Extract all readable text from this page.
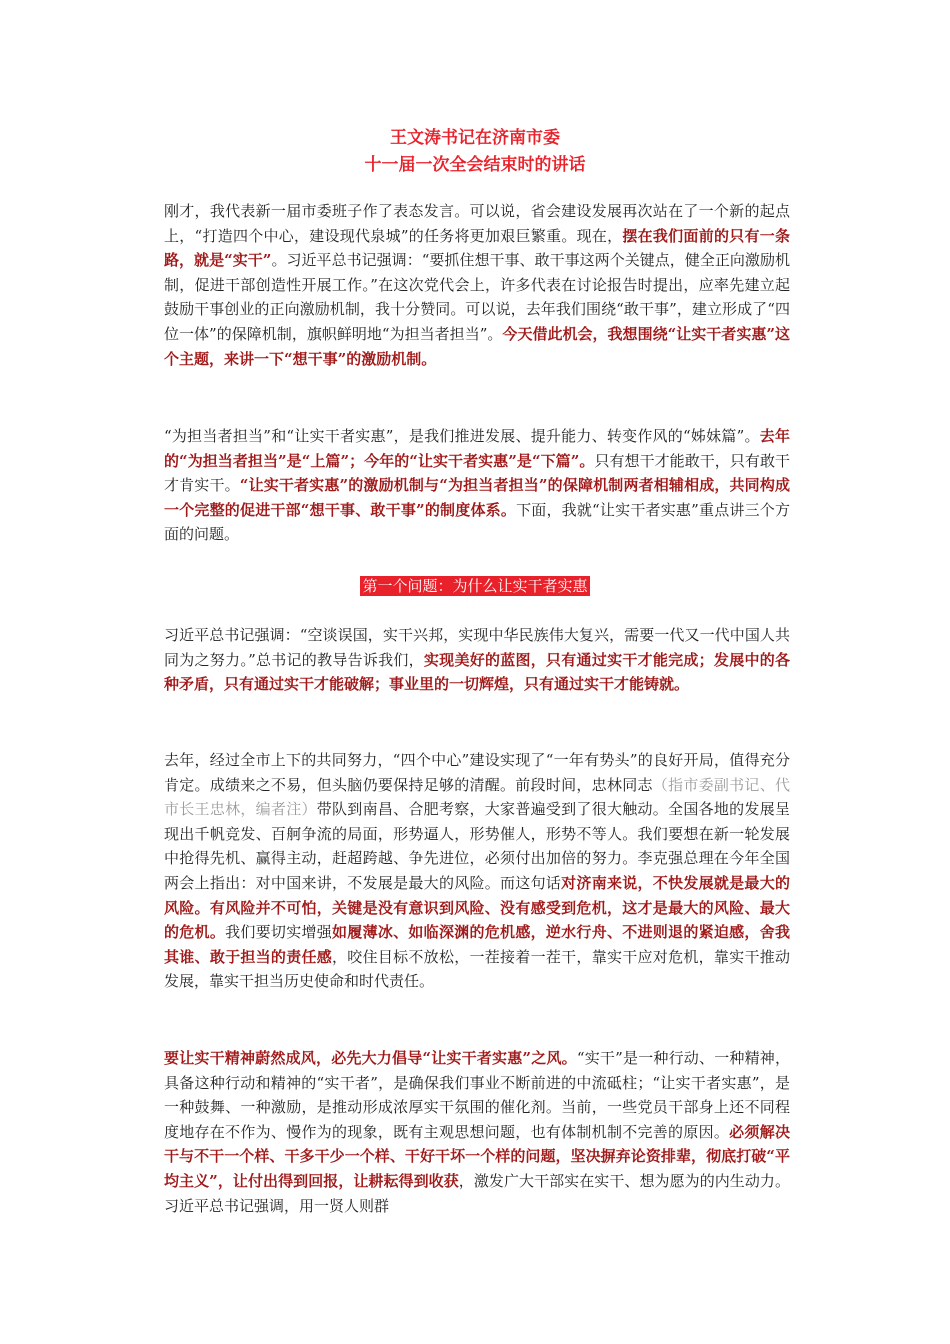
王文涛书记在济南市委
十一届一次全会结束时的讲话
刚才，我代表新一届市委班子作了表态发言。可以说，省会建设发展再次站在了一个新的起点上，“打造四个中心，建设现代泉城”的任务将更加艰巨繁重。现在，摆在我们面前的只有一条路，就是“实干”。习近平总书记强调：“要抓住想干事、敢干事这两个关键点，健全正向激励机制，促进干部创造性开展工作。”在这次党代会上，许多代表在讨论报告时提出，应率先建立起鼓励干事创业的正向激励机制，我十分赞同。可以说，去年我们围绕“敢干事”，建立形成了“四位一体”的保障机制，旗帜鲜明地“为担当者担当”。今天借此机会，我想围绕“让实干者实惠”这个主题，来讲一下“想干事”的激励机制。
“为担当者担当”和“让实干者实惠”，是我们推进发展、提升能力、转变作风的“姊妹篇”。去年的“为担当者担当”是“上篇”；今年的“让实干者实惠”是“下篇”。只有想干才能敢干，只有敢干才肯实干。“让实干者实惠”的激励机制与“为担当者担当”的保障机制两者相辅相成，共同构成一个完整的促进干部“想干事、敢干事”的制度体系。下面，我就“让实干者实惠”重点讲三个方面的问题。
第一个问题：为什么让实干者实惠
习近平总书记强调：“空谈误国，实干兴邦，实现中华民族伟大复兴，需要一代又一代中国人共同为之努力。”总书记的教导告诉我们，实现美好的蓝图，只有通过实干才能完成；发展中的各种矛盾，只有通过实干才能破解；事业里的一切辉煌，只有通过实干才能铸就。
去年，经过全市上下的共同努力，“四个中心”建设实现了“一年有势头”的良好开局，值得充分肯定。成绩来之不易，但头脑仍要保持足够的清醒。前段时间，忠林同志（指市委副书记、代市长王忠林，编者注）带队到南昌、合肥考察，大家普遍受到了很大触动。全国各地的发展呈现出千帆竞发、百舸争流的局面，形势逼人，形势催人，形势不等人。我们要想在新一轮发展中抢得先机、赢得主动，赶超跨越、争先进位，必须付出加倍的努力。李克强总理在今年全国两会上指出：对中国来讲，不发展是最大的风险。而这句话对济南来说，不快发展就是最大的风险。有风险并不可怕，关键是没有意识到风险、没有感受到危机，这才是最大的风险、最大的危机。我们要切实增强如履薄冰、如临深渊的危机感，逆水行舟、不进则退的紧迫感，舍我其谁、敢于担当的责任感，咬住目标不放松，一茬接着一茬干，靠实干应对危机，靠实干推动发展，靠实干担当历史使命和时代责任。
要让实干精神蔚然成风，必先大力倡导“让实干者实惠”之风。“实干”是一种行动、一种精神，具备这种行动和精神的“实干者”，是确保我们事业不断前进的中流砥柱；“让实干者实惠”，是一种鼓舞、一种激励，是推动形成浓厚实干氛围的催化剂。当前，一些党员干部身上还不同程度地存在不作为、慢作为的现象，既有主观思想问题，也有体制机制不完善的原因。必须解决干与不干一个样、干多干少一个样、干好干坏一个样的问题，坚决摒弃论资排辈，彻底打破“平均主义”，让付出得到回报，让耕耘得到收获，激发广大干部实在实干、想为愿为的内生动力。习近平总书记强调，用一贤人则群
